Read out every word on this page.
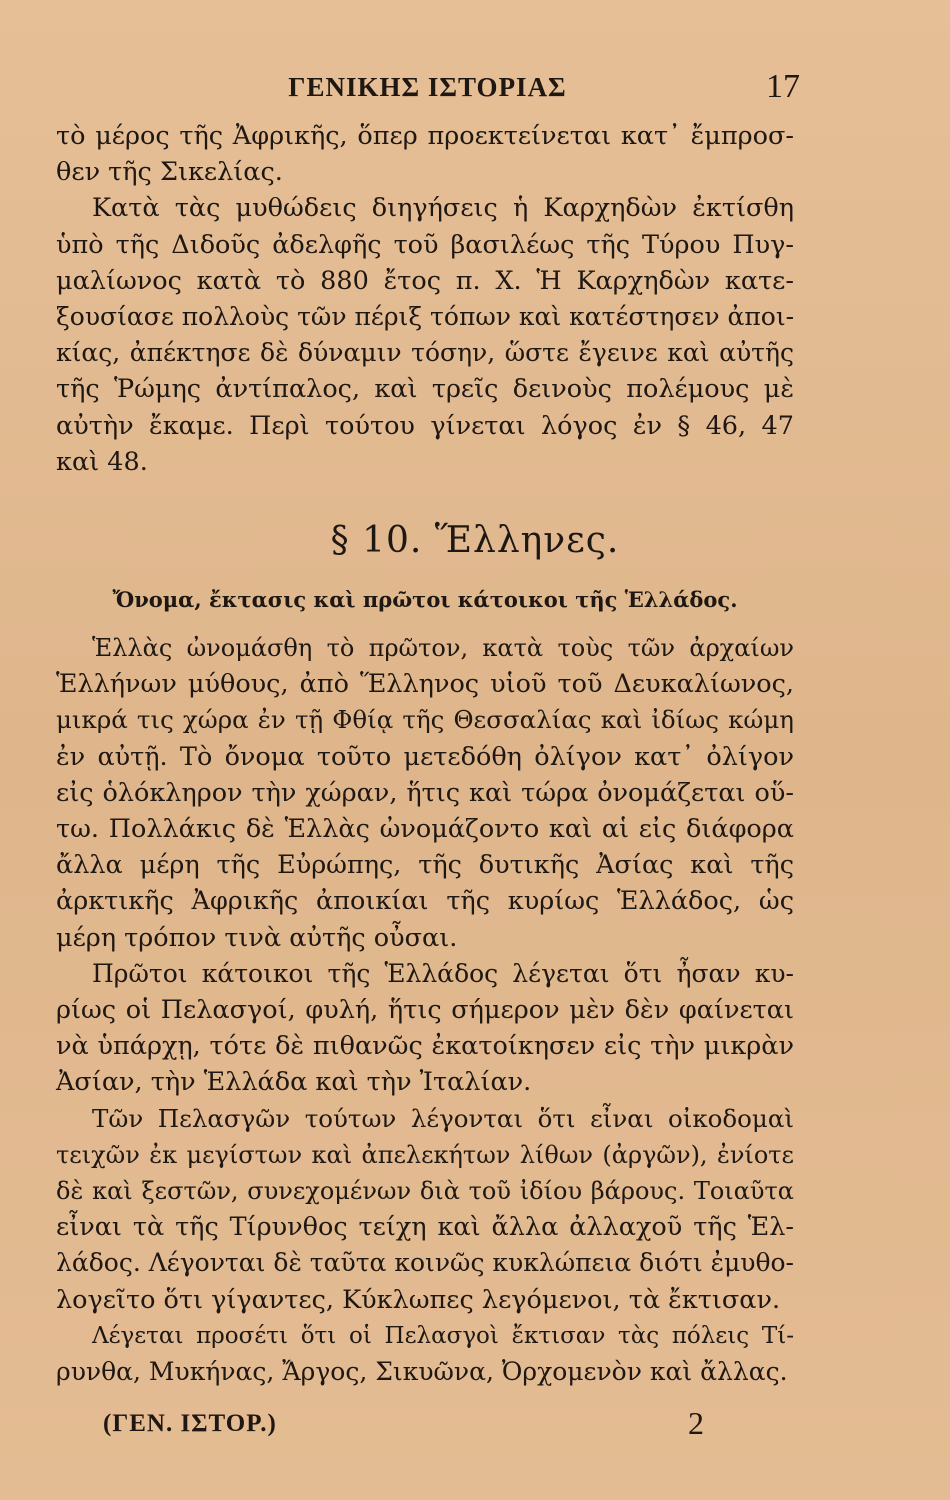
ΓΕΝΙΚΗΣ ΙΣΤΟΡΙΑΣ	17
τὸ μέρος τῆς Ἀφρικῆς, ὅπερ προεκτείνεται κατ᾽ ἔμπροσ-
θεν τῆς Σικελίας.
Κατὰ τὰς μυθώδεις διηγήσεις ἡ Καρχηδὼν ἐκτίσθη
ὑπὸ τῆς Διδοῦς ἀδελφῆς τοῦ βασιλέως τῆς Τύρου Πυγ-
μαλίωνος κατὰ τὸ 880 ἔτος π. Χ. Ἡ Καρχηδὼν κατε-
ξουσίασε πολλοὺς τῶν πέριξ τόπων καὶ κατέστησεν ἀποι-
κίας, ἀπέκτησε δὲ δύναμιν τόσην, ὥστε ἔγεινε καὶ αὐτῆς
τῆς Ῥώμης ἀντίπαλος, καὶ τρεῖς δεινοὺς πολέμους μὲ
αὐτὴν ἔκαμε. Περὶ τούτου γίνεται λόγος ἐν § 46, 47
καὶ 48.
§ 10. Ἕλληνες.
Ὄνομα, ἔκτασις καὶ πρῶτοι κάτοικοι τῆς Ἑλλάδος.
Ἑλλὰς ὠνομάσθη τὸ πρῶτον, κατὰ τοὺς τῶν ἀρχαίων
Ἑλλήνων μύθους, ἀπὸ Ἕλληνος υἱοῦ τοῦ Δευκαλίωνος,
μικρά τις χώρα ἐν τῇ Φθίᾳ τῆς Θεσσαλίας καὶ ἰδίως κώμη
ἐν αὐτῇ. Τὸ ὄνομα τοῦτο μετεδόθη ὀλίγον κατ᾽ ὀλίγον
εἰς ὁλόκληρον τὴν χώραν, ἥτις καὶ τώρα ὀνομάζεται οὕ-
τω. Πολλάκις δὲ Ἑλλὰς ὠνομάζοντο καὶ αἱ εἰς διάφορα
ἄλλα μέρη τῆς Εὐρώπης, τῆς δυτικῆς Ἀσίας καὶ τῆς
ἀρκτικῆς Ἀφρικῆς ἀποικίαι τῆς κυρίως Ἑλλάδος, ὡς
μέρη τρόπον τινὰ αὐτῆς οὖσαι.
Πρῶτοι κάτοικοι τῆς Ἑλλάδος λέγεται ὅτι ἦσαν κυ-
ρίως οἱ Πελασγοί, φυλή, ἥτις σήμερον μὲν δὲν φαίνεται
νὰ ὑπάρχῃ, τότε δὲ πιθανῶς ἐκατοίκησεν εἰς τὴν μικρὰν
Ἀσίαν, τὴν Ἑλλάδα καὶ τὴν Ἰταλίαν.
Τῶν Πελασγῶν τούτων λέγονται ὅτι εἶναι οἰκοδομαὶ
τειχῶν ἐκ μεγίστων καὶ ἀπελεκήτων λίθων (ἀργῶν), ἐνίοτε
δὲ καὶ ξεστῶν, συνεχομένων διὰ τοῦ ἰδίου βάρους. Τοιαῦτα
εἶναι τὰ τῆς Τίρυνθος τείχη καὶ ἄλλα ἀλλαχοῦ τῆς Ἑλ-
λάδος. Λέγονται δὲ ταῦτα κοινῶς κυκλώπεια διότι ἐμυθο-
λογεῖτο ὅτι γίγαντες, Κύκλωπες λεγόμενοι, τὰ ἔκτισαν.
Λέγεται προσέτι ὅτι οἱ Πελασγοὶ ἔκτισαν τὰς πόλεις Τί-
ρυνθα, Μυκήνας, Ἄργος, Σικυῶνα, Ὀρχομενὸν καὶ ἄλλας.
(ΓΕΝ. ΙΣΤΟΡ.)	2
